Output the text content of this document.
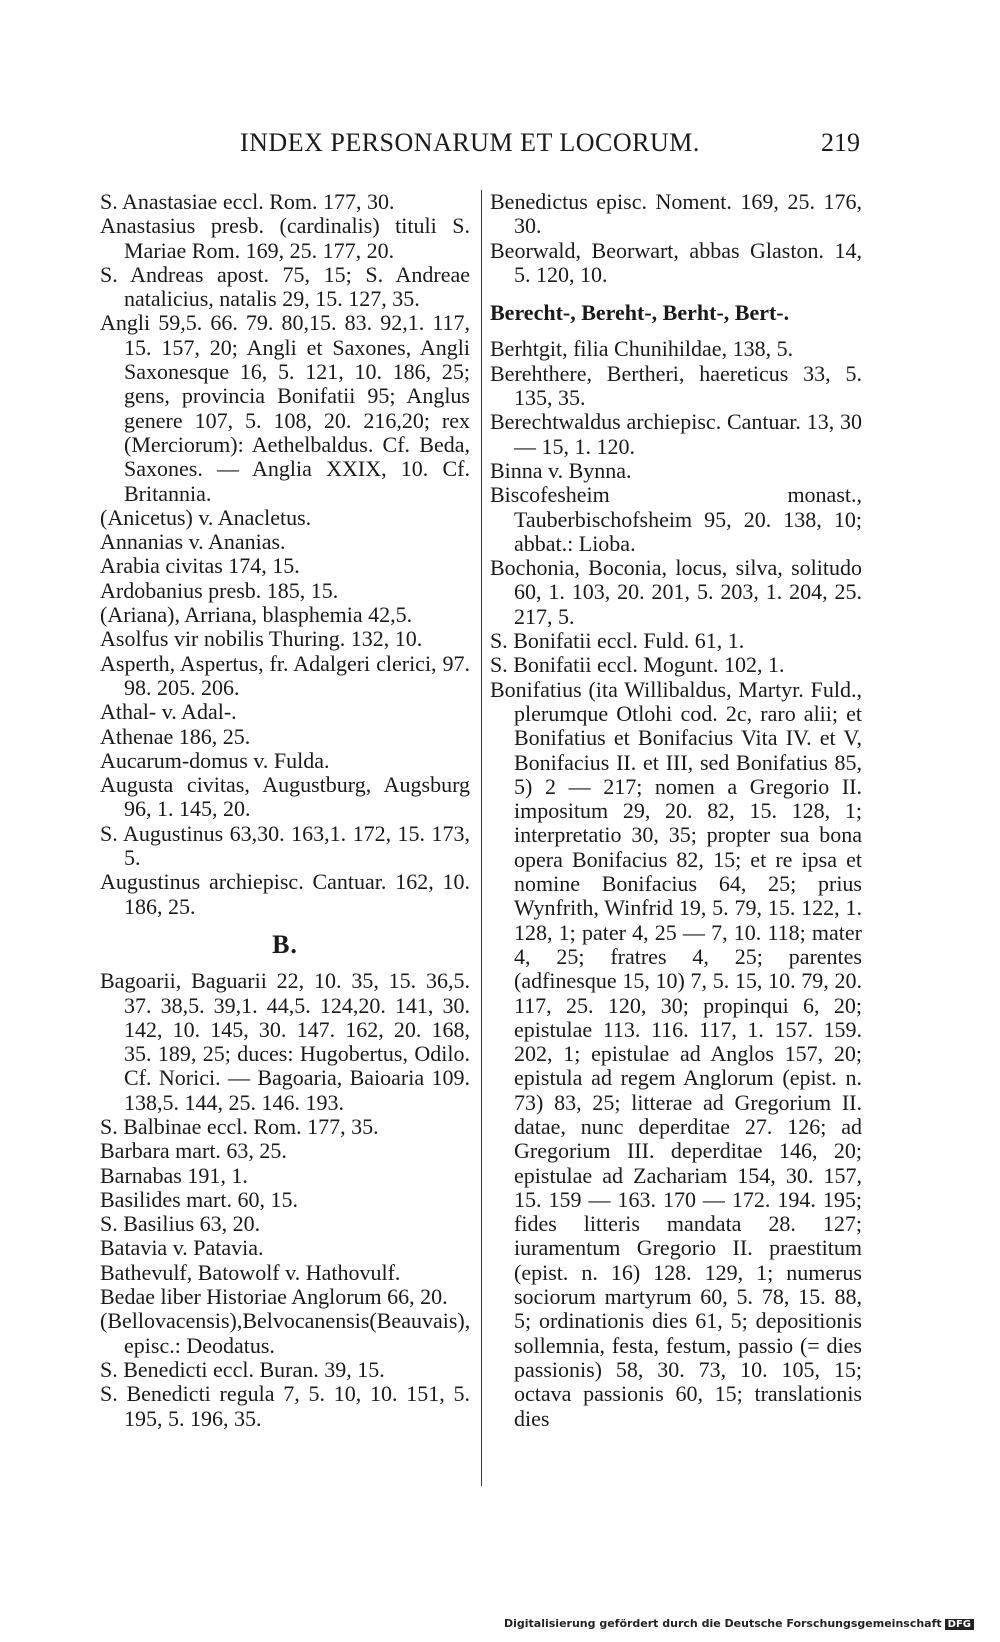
INDEX PERSONARUM ET LOCORUM.	219

S. Anastasiae eccl. Rom. 177, 30.

Anastasius presb. (cardinalis) tituli S. Mariae Rom. 169, 25. 177, 20.

S. Andreas apost. 75, 15; S. Andreae natalicius, natalis 29, 15. 127, 35.

Angli 59,5. 66. 79. 80,15. 83. 92,1. 117, 15. 157, 20; Angli et Saxones, Angli Saxonesque 16, 5. 121, 10. 186, 25; gens, provincia Bonifatii 95; Anglus genere 107, 5. 108, 20. 216,20; rex (Merciorum): Aethelbaldus. Cf. Beda, Saxones. — Anglia XXIX, 10. Cf. Britannia.

(Anicetus) v. Anacletus.

Annanias v. Ananias.

Arabia civitas 174, 15.

Ardobanius presb. 185, 15.

(Ariana), Arriana, blasphemia 42,5.

Asolfus vir nobilis Thuring. 132, 10.

Asperth, Aspertus, fr. Adalgeri clerici, 97. 98. 205. 206.

Athal- v. Adal-.

Athenae 186, 25.

Aucarum-domus v. Fulda.

Augusta civitas, Augustburg, Augsburg 96, 1. 145, 20.

S. Augustinus 63,30. 163,1. 172, 15. 173, 5.

Augustinus archiepisc. Cantuar. 162, 10. 186, 25.

B.

Bagoarii, Baguarii 22, 10. 35, 15. 36,5. 37. 38,5. 39,1. 44,5. 124,20. 141, 30. 142, 10. 145, 30. 147. 162, 20. 168, 35. 189, 25; duces: Hugobertus, Odilo. Cf. Norici. — Bagoaria, Baioaria 109. 138,5. 144, 25. 146. 193.

S. Balbinae eccl. Rom. 177, 35.

Barbara mart. 63, 25.

Barnabas 191, 1.

Basilides mart. 60, 15.

S. Basilius 63, 20.

Batavia v. Patavia.

Bathevulf, Batowolf v. Hathovulf.

Bedae liber Historiae Anglorum 66, 20.

(Bellovacensis),Belvocanensis(Beauvais), episc.: Deodatus.

S. Benedicti eccl. Buran. 39, 15.

S. Benedicti regula 7, 5. 10, 10. 151, 5. 195, 5. 196, 35.

Benedictus episc. Noment. 169, 25. 176, 30.

Beorwald, Beorwart, abbas Glaston. 14, 5. 120, 10.

Berecht-, Bereht-, Berht-, Bert-.

Berhtgit, filia Chunihildae, 138, 5.

Berehthere, Bertheri, haereticus 33, 5. 135, 35.

Berechtwaldus archiepisc. Cantuar. 13, 30 — 15, 1. 120.

Binna v. Bynna.

Biscofesheim monast., Tauberbischofsheim 95, 20. 138, 10; abbat.: Lioba.

Bochonia, Boconia, locus, silva, solitudo 60, 1. 103, 20. 201, 5. 203, 1. 204, 25. 217, 5.

S. Bonifatii eccl. Fuld. 61, 1.

S. Bonifatii eccl. Mogunt. 102, 1.

Bonifatius (ita Willibaldus, Martyr. Fuld., plerumque Otlohi cod. 2c, raro alii; et Bonifatius et Bonifacius Vita IV. et V, Bonifacius II. et III, sed Bonifatius 85, 5) 2 — 217; nomen a Gregorio II. impositum 29, 20. 82, 15. 128, 1; interpretatio 30, 35; propter sua bona opera Bonifacius 82, 15; et re ipsa et nomine Bonifacius 64, 25; prius Wynfrith, Winfrid 19, 5. 79, 15. 122, 1. 128, 1; pater 4, 25 — 7, 10. 118; mater 4, 25; fratres 4, 25; parentes (adfinesque 15, 10) 7, 5. 15, 10. 79, 20. 117, 25. 120, 30; propinqui 6, 20; epistulae 113. 116. 117, 1. 157. 159. 202, 1; epistulae ad Anglos 157, 20; epistula ad regem Anglorum (epist. n. 73) 83, 25; litterae ad Gregorium II. datae, nunc deperditae 27. 126; ad Gregorium III. deperditae 146, 20; epistulae ad Zachariam 154, 30. 157, 15. 159 — 163. 170 — 172. 194. 195; fides litteris mandata 28. 127; iuramentum Gregorio II. praestitum (epist. n. 16) 128. 129, 1; numerus sociorum martyrum 60, 5. 78, 15. 88, 5; ordinationis dies 61, 5; depositionis sollemnia, festa, festum, passio (= dies passionis) 58, 30. 73, 10. 105, 15; octava passionis 60, 15; translationis dies

Digitalisierung gefördert durch die Deutsche Forschungsgemeinschaft DFG
